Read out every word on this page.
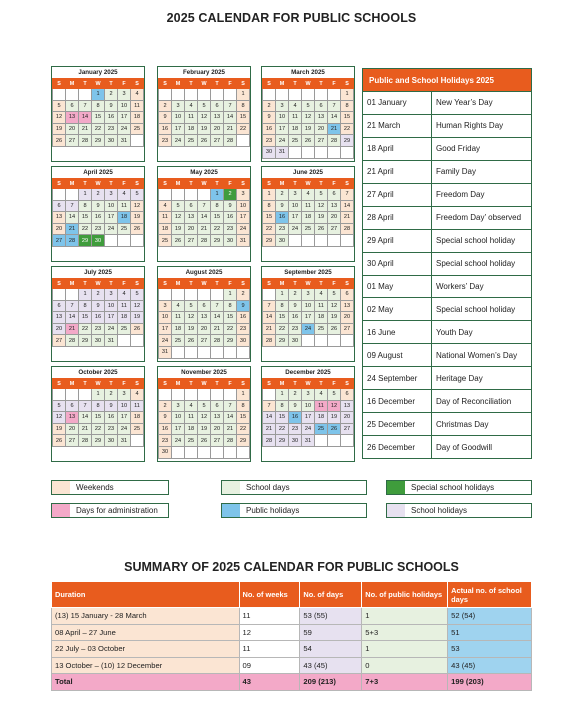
2025 CALENDAR FOR PUBLIC SCHOOLS
January 2025
S	M	T	W	T	F	S
			1	2	3	4
5	6	7	8	9	10	11
12	13	14	15	16	17	18
19	20	21	22	23	24	25
26	27	28	29	30	31	
February 2025
S	M	T	W	T	F	S
						1
2	3	4	5	6	7	8
9	10	11	12	13	14	15
16	17	18	19	20	21	22
23	24	25	26	27	28	
March 2025
S	M	T	W	T	F	S
						1
2	3	4	5	6	7	8
9	10	11	12	13	14	15
16	17	18	19	20	21	22
23	24	25	26	27	28	29
30	31					
April 2025
S	M	T	W	T	F	S
		1	2	3	4	5
6	7	8	9	10	11	12
13	14	15	16	17	18	19
20	21	22	23	24	25	26
27	28	29	30			
May 2025
S	M	T	W	T	F	S
				1	2	3
4	5	6	7	8	9	10
11	12	13	14	15	16	17
18	19	20	21	22	23	24
25	26	27	28	29	30	31
June 2025
S	M	T	W	T	F	S
1	2	3	4	5	6	7
8	9	10	11	12	13	14
15	16	17	18	19	20	21
22	23	24	25	26	27	28
29	30					
July 2025
S	M	T	W	T	F	S
		1	2	3	4	5
6	7	8	9	10	11	12
13	14	15	16	17	18	19
20	21	22	23	24	25	26
27	28	29	30	31		
August 2025
S	M	T	W	T	F	S
					1	2
3	4	5	6	7	8	9
10	11	12	13	14	15	16
17	18	19	20	21	22	23
24	25	26	27	28	29	30
31						
September 2025
S	M	T	W	T	F	S
	1	2	3	4	5	6
7	8	9	10	11	12	13
14	15	16	17	18	19	20
21	22	23	24	25	26	27
28	29	30				
October 2025
S	M	T	W	T	F	S
			1	2	3	4
5	6	7	8	9	10	11
12	13	14	15	16	17	18
19	20	21	22	23	24	25
26	27	28	29	30	31	
November 2025
S	M	T	W	T	F	S
						1
2	3	4	5	6	7	8
9	10	11	12	13	14	15
16	17	18	19	20	21	22
23	24	25	26	27	28	29
30						
December 2025
S	M	T	W	T	F	S
	1	2	3	4	5	6
7	8	9	10	11	12	13
14	15	16	17	18	19	20
21	22	23	24	25	26	27
28	29	30	31			
Public and School Holidays 2025	
01 January	New Year’s Day
21 March	Human Rights Day
18 April	Good Friday
21 April	Family Day
27 April	Freedom Day
28 April	Freedom Day’ observed
29 April	Special school holiday
30 April	Special school holiday
01 May	Workers’ Day
02 May	Special school holiday
16 June	Youth Day
09 August	National Women’s Day
24 September	Heritage Day
16 December	Day of Reconciliation
25 December	Christmas Day
26 December	Day of Goodwill
Weekends	School days	Special school holidays
Days for administration	Public holidays	School holidays
SUMMARY OF 2025 CALENDAR FOR PUBLIC SCHOOLS
Duration	No. of weeks	No. of days	No. of public holidays	Actual no. of school days
(13) 15 January - 28 March	11	53 (55)	1	52 (54)
08 April – 27 June	12	59	5+3	51
22 July – 03 October	11	54	1	53
13 October – (10) 12 December	09	43 (45)	0	43 (45)
Total	43	209 (213)	7+3	199 (203)
